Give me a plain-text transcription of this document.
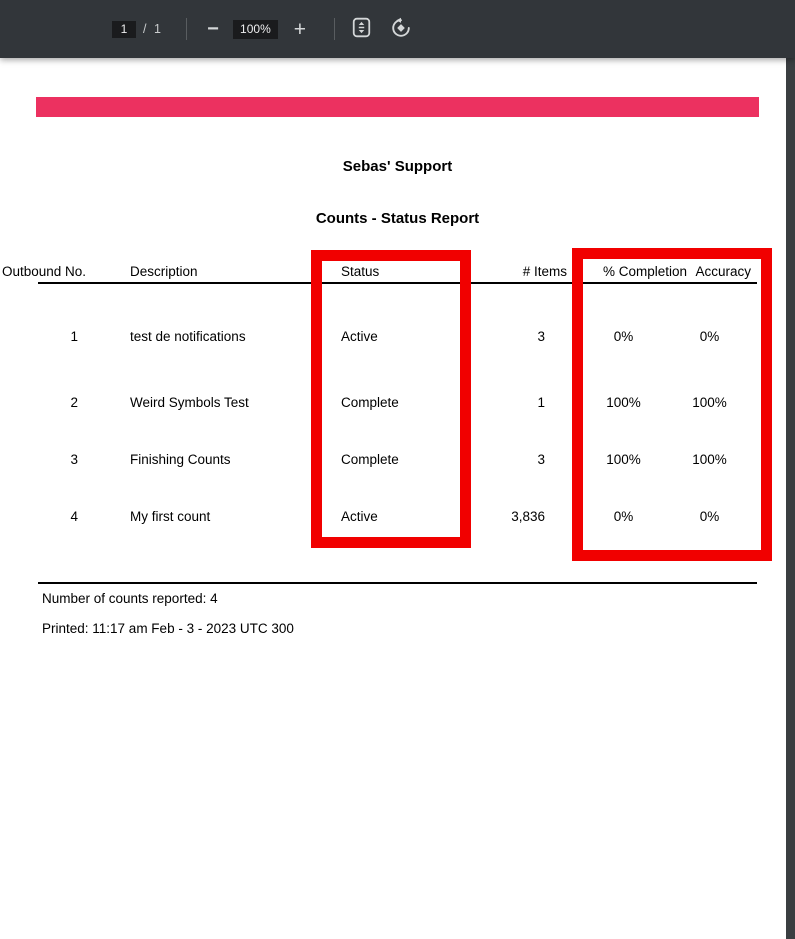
1	/ 1 −	100%	+
Sebas' Support
Counts - Status Report
Outbound No.	Description	Status	# Items	% Completion	Accuracy
1	test de notifications	Active	3	0%	0%
2	Weird Symbols Test	Complete	1	100%	100%
3	Finishing Counts	Complete	3	100%	100%
4	My first count	Active	3,836	0%	0%
Number of counts reported: 4
Printed: 11:17 am Feb - 3 - 2023 UTC 300
